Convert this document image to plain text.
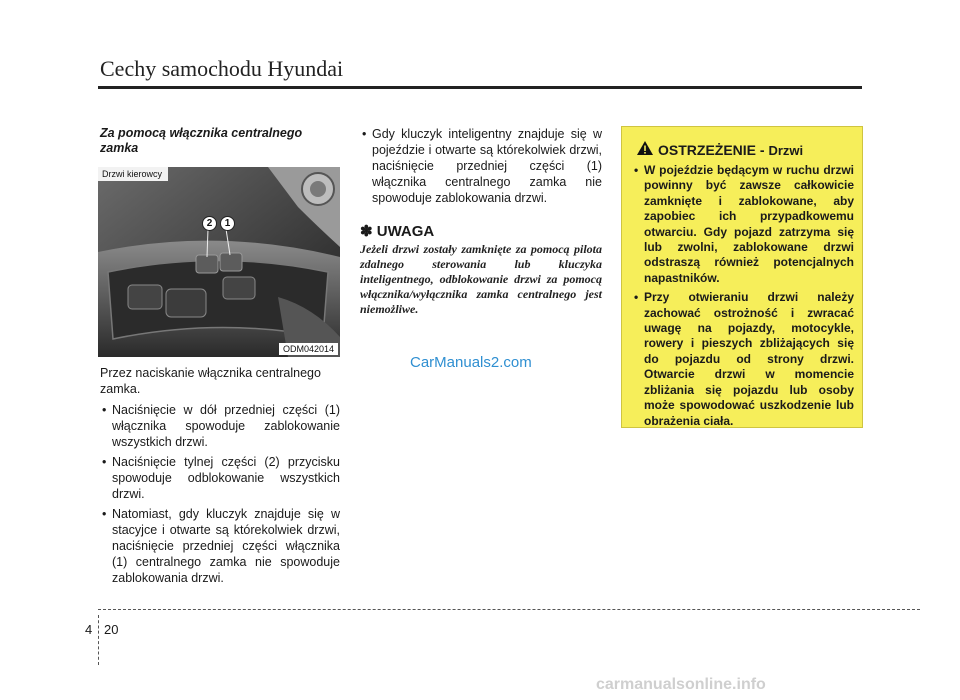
Cechy samochodu Hyundai
Za pomocą włącznika centralnego zamka
Drzwi kierowcy
2	1
ODM042014
Przez naciskanie włącznika centralnego zamka.
• Naciśnięcie w dół przedniej części (1) włącznika spowoduje zablokowanie wszystkich drzwi.
• Naciśnięcie tylnej części (2) przycisku spowoduje odblokowanie wszystkich drzwi.
• Natomiast, gdy kluczyk znajduje się w stacyjce i otwarte są którekolwiek drzwi, naciśnięcie przedniej części włącznika (1) centralnego zamka nie spowoduje zablokowania drzwi.
• Gdy kluczyk inteligentny znajduje się w pojeździe i otwarte są którekolwiek drzwi, naciśnięcie przedniej części (1) włącznika centralnego zamka nie spowoduje zablokowania drzwi.
✽ UWAGA
Jeżeli drzwi zostały zamknięte za pomocą pilota zdalnego sterowania lub kluczyka inteligentnego, odblokowanie drzwi za pomocą włącznika/wyłącznika zamka centralnego jest niemożliwe.
CarManuals2.com
OSTRZEŻENIE - Drzwi
• W pojeździe będącym w ruchu drzwi powinny być zawsze całkowicie zamknięte i zablokowane, aby zapobiec ich przypadkowemu otwarciu. Gdy pojazd zatrzyma się lub zwolni, zablokowane drzwi odstraszą również potencjalnych napastników.
• Przy otwieraniu drzwi należy zachować ostrożność i zwracać uwagę na pojazdy, motocykle, rowery i pieszych zbliżających się do pojazdu od strony drzwi. Otwarcie drzwi w momencie zbliżania się pojazdu lub osoby może spowodować uszkodzenie lub obrażenia ciała.
4 20
carmanualsonline.info
